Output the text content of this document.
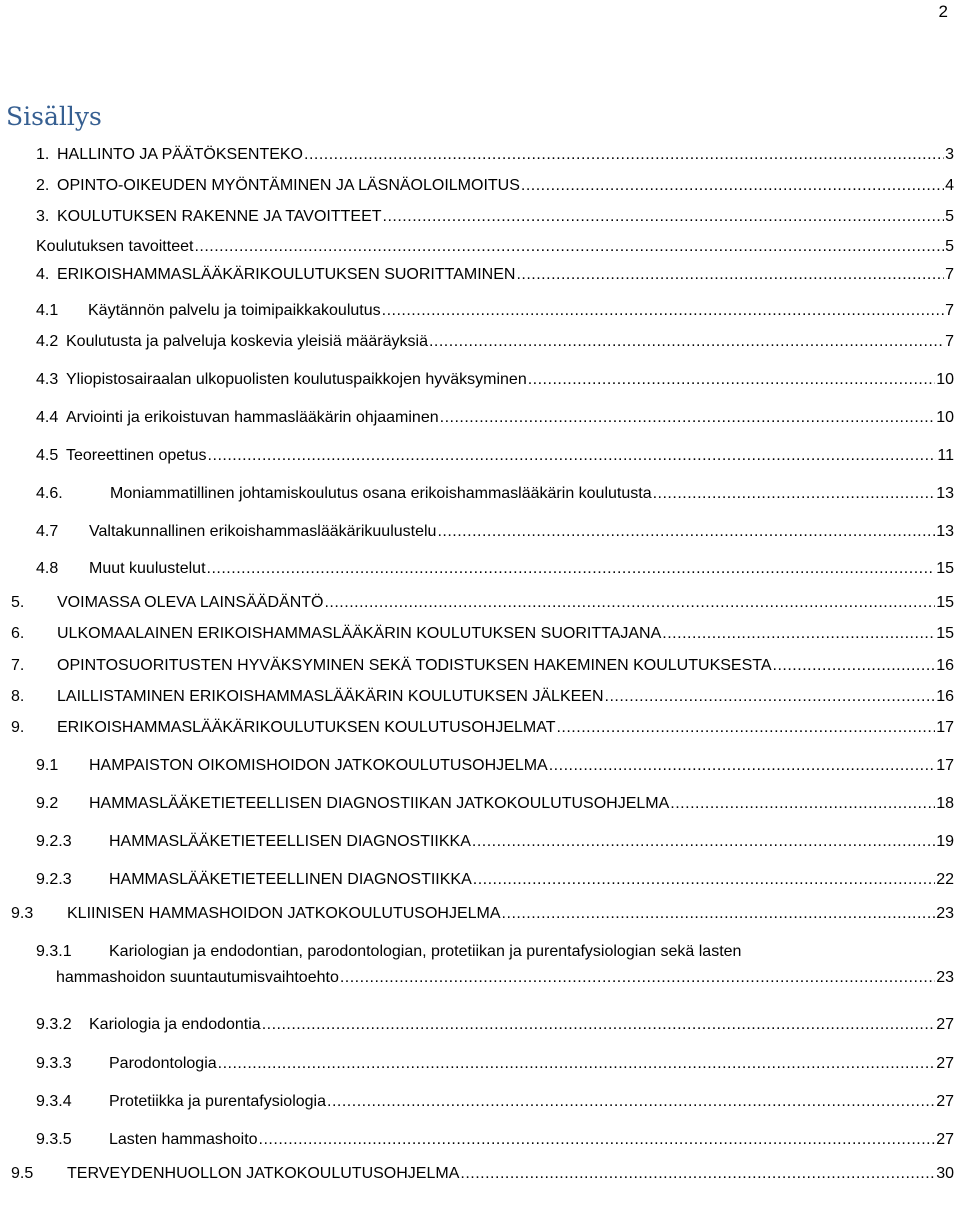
2
Sisällys
1. HALLINTO JA PÄÄTÖKSENTEKO .....	3
2. OPINTO-OIKEUDEN MYÖNTÄMINEN JA LÄSNÄOLOILMOITUS .....	4
3. KOULUTUKSEN RAKENNE JA TAVOITTEET .....	5
Koulutuksen tavoitteet .....	5
4. ERIKOISHAMMASLÄÄKÄRIKOULUTUKSEN SUORITTAMINEN .....	7
4.1	Käytännön palvelu ja toimipaikkakoulutus .....	7
4.2 Koulutusta ja palveluja koskevia yleisiä määräyksiä .....	7
4.3 Yliopistosairaalan ulkopuolisten koulutuspaikkojen hyväksyminen .....	10
4.4 Arviointi ja erikoistuvan hammaslääkärin ohjaaminen .....	10
4.5 Teoreettinen opetus .....	11
4.6.	Moniammatillinen johtamiskoulutus osana erikoishammaslääkärin koulutusta .....	13
4.7	Valtakunnallinen erikoishammaslääkärikuulustelu .....	13
4.8	Muut kuulustelut .....	15
5.	VOIMASSA OLEVA LAINSÄÄDÄNTÖ .....	15
6.	ULKOMAALAINEN ERIKOISHAMMASLÄÄKÄRIN KOULUTUKSEN SUORITTAJANA .....	15
7.	OPINTOSUORITUSTEN HYVÄKSYMINEN SEKÄ TODISTUKSEN HAKEMINEN KOULUTUKSESTA .....	16
8.	LAILLISTAMINEN ERIKOISHAMMASLÄÄKÄRIN KOULUTUKSEN JÄLKEEN .....	16
9.	ERIKOISHAMMASLÄÄKÄRIKOULUTUKSEN KOULUTUSOHJELMAT .....	17
9.1	HAMPAISTON OIKOMISHOIDON JATKOKOULUTUSOHJELMA .....	17
9.2	HAMMASLÄÄKETIETEELLISEN DIAGNOSTIIKAN JATKOKOULUTUSOHJELMA .....	18
9.2.3	HAMMASLÄÄKETIETEELLISEN DIAGNOSTIIKKA .....	19
9.2.3	HAMMASLÄÄKETIETEELLINEN DIAGNOSTIIKKA .....	22
9.3	KLIINISEN HAMMASHOIDON JATKOKOULUTUSOHJELMA .....	23
9.3.1 Kariologian ja endodontian, parodontologian, protetiikan ja purentafysiologian sekä lasten
hammashoidon suuntautumisvaihtoehto .....	23
9.3.2	Kariologia ja endodontia .....	27
9.3.3	Parodontologia .....	27
9.3.4	Protetiikka ja purentafysiologia .....	27
9.3.5	Lasten hammashoito .....	27
9.5	TERVEYDENHUOLLON JATKOKOULUTUSOHJELMA .....	30
